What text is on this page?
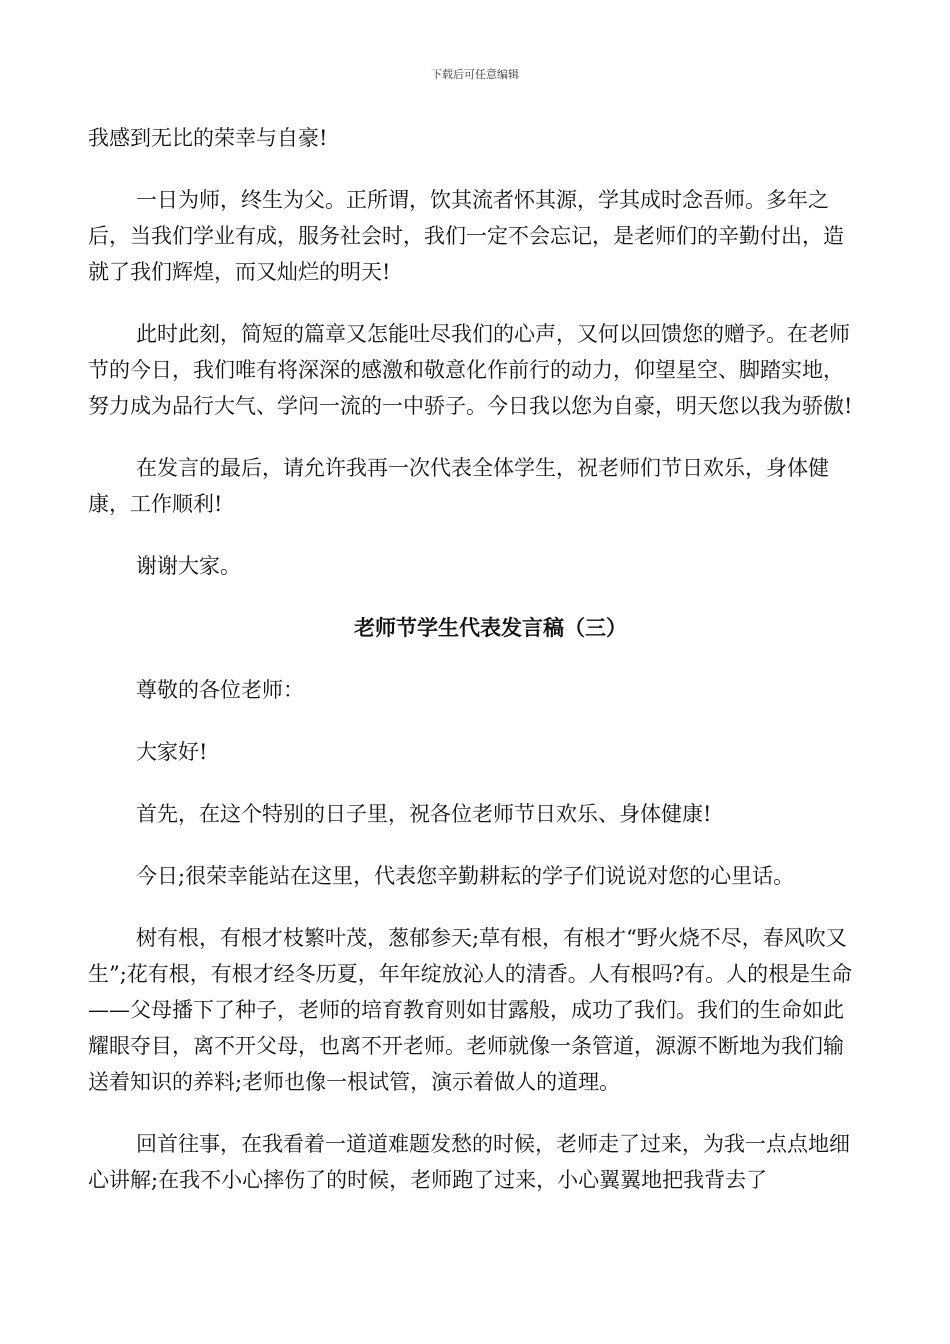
下载后可任意编辑

我感到无比的荣幸与自豪!

一日为师，终生为父。正所谓，饮其流者怀其源，学其成时念吾师。多年之后，当我们学业有成，服务社会时，我们一定不会忘记，是老师们的辛勤付出，造就了我们辉煌，而又灿烂的明天!

此时此刻，简短的篇章又怎能吐尽我们的心声，又何以回馈您的赠予。在老师节的今日，我们唯有将深深的感激和敬意化作前行的动力，仰望星空、脚踏实地，努力成为品行大气、学问一流的一中骄子。今日我以您为自豪，明天您以我为骄傲!

在发言的最后，请允许我再一次代表全体学生，祝老师们节日欢乐，身体健康，工作顺利!

谢谢大家。

老师节学生代表发言稿（三）

尊敬的各位老师：

大家好!

首先，在这个特别的日子里，祝各位老师节日欢乐、身体健康!

今日;很荣幸能站在这里，代表您辛勤耕耘的学子们说说对您的心里话。

树有根，有根才枝繁叶茂，葱郁参天;草有根，有根才“野火烧不尽，春风吹又生”;花有根，有根才经冬历夏，年年绽放沁人的清香。人有根吗?有。人的根是生命——父母播下了种子，老师的培育教育则如甘露般，成功了我们。我们的生命如此耀眼夺目，离不开父母，也离不开老师。老师就像一条管道，源源不断地为我们输送着知识的养料;老师也像一根试管，演示着做人的道理。

回首往事，在我看着一道道难题发愁的时候，老师走了过来，为我一点点地细心讲解;在我不小心摔伤了的时候，老师跑了过来，小心翼翼地把我背去了
